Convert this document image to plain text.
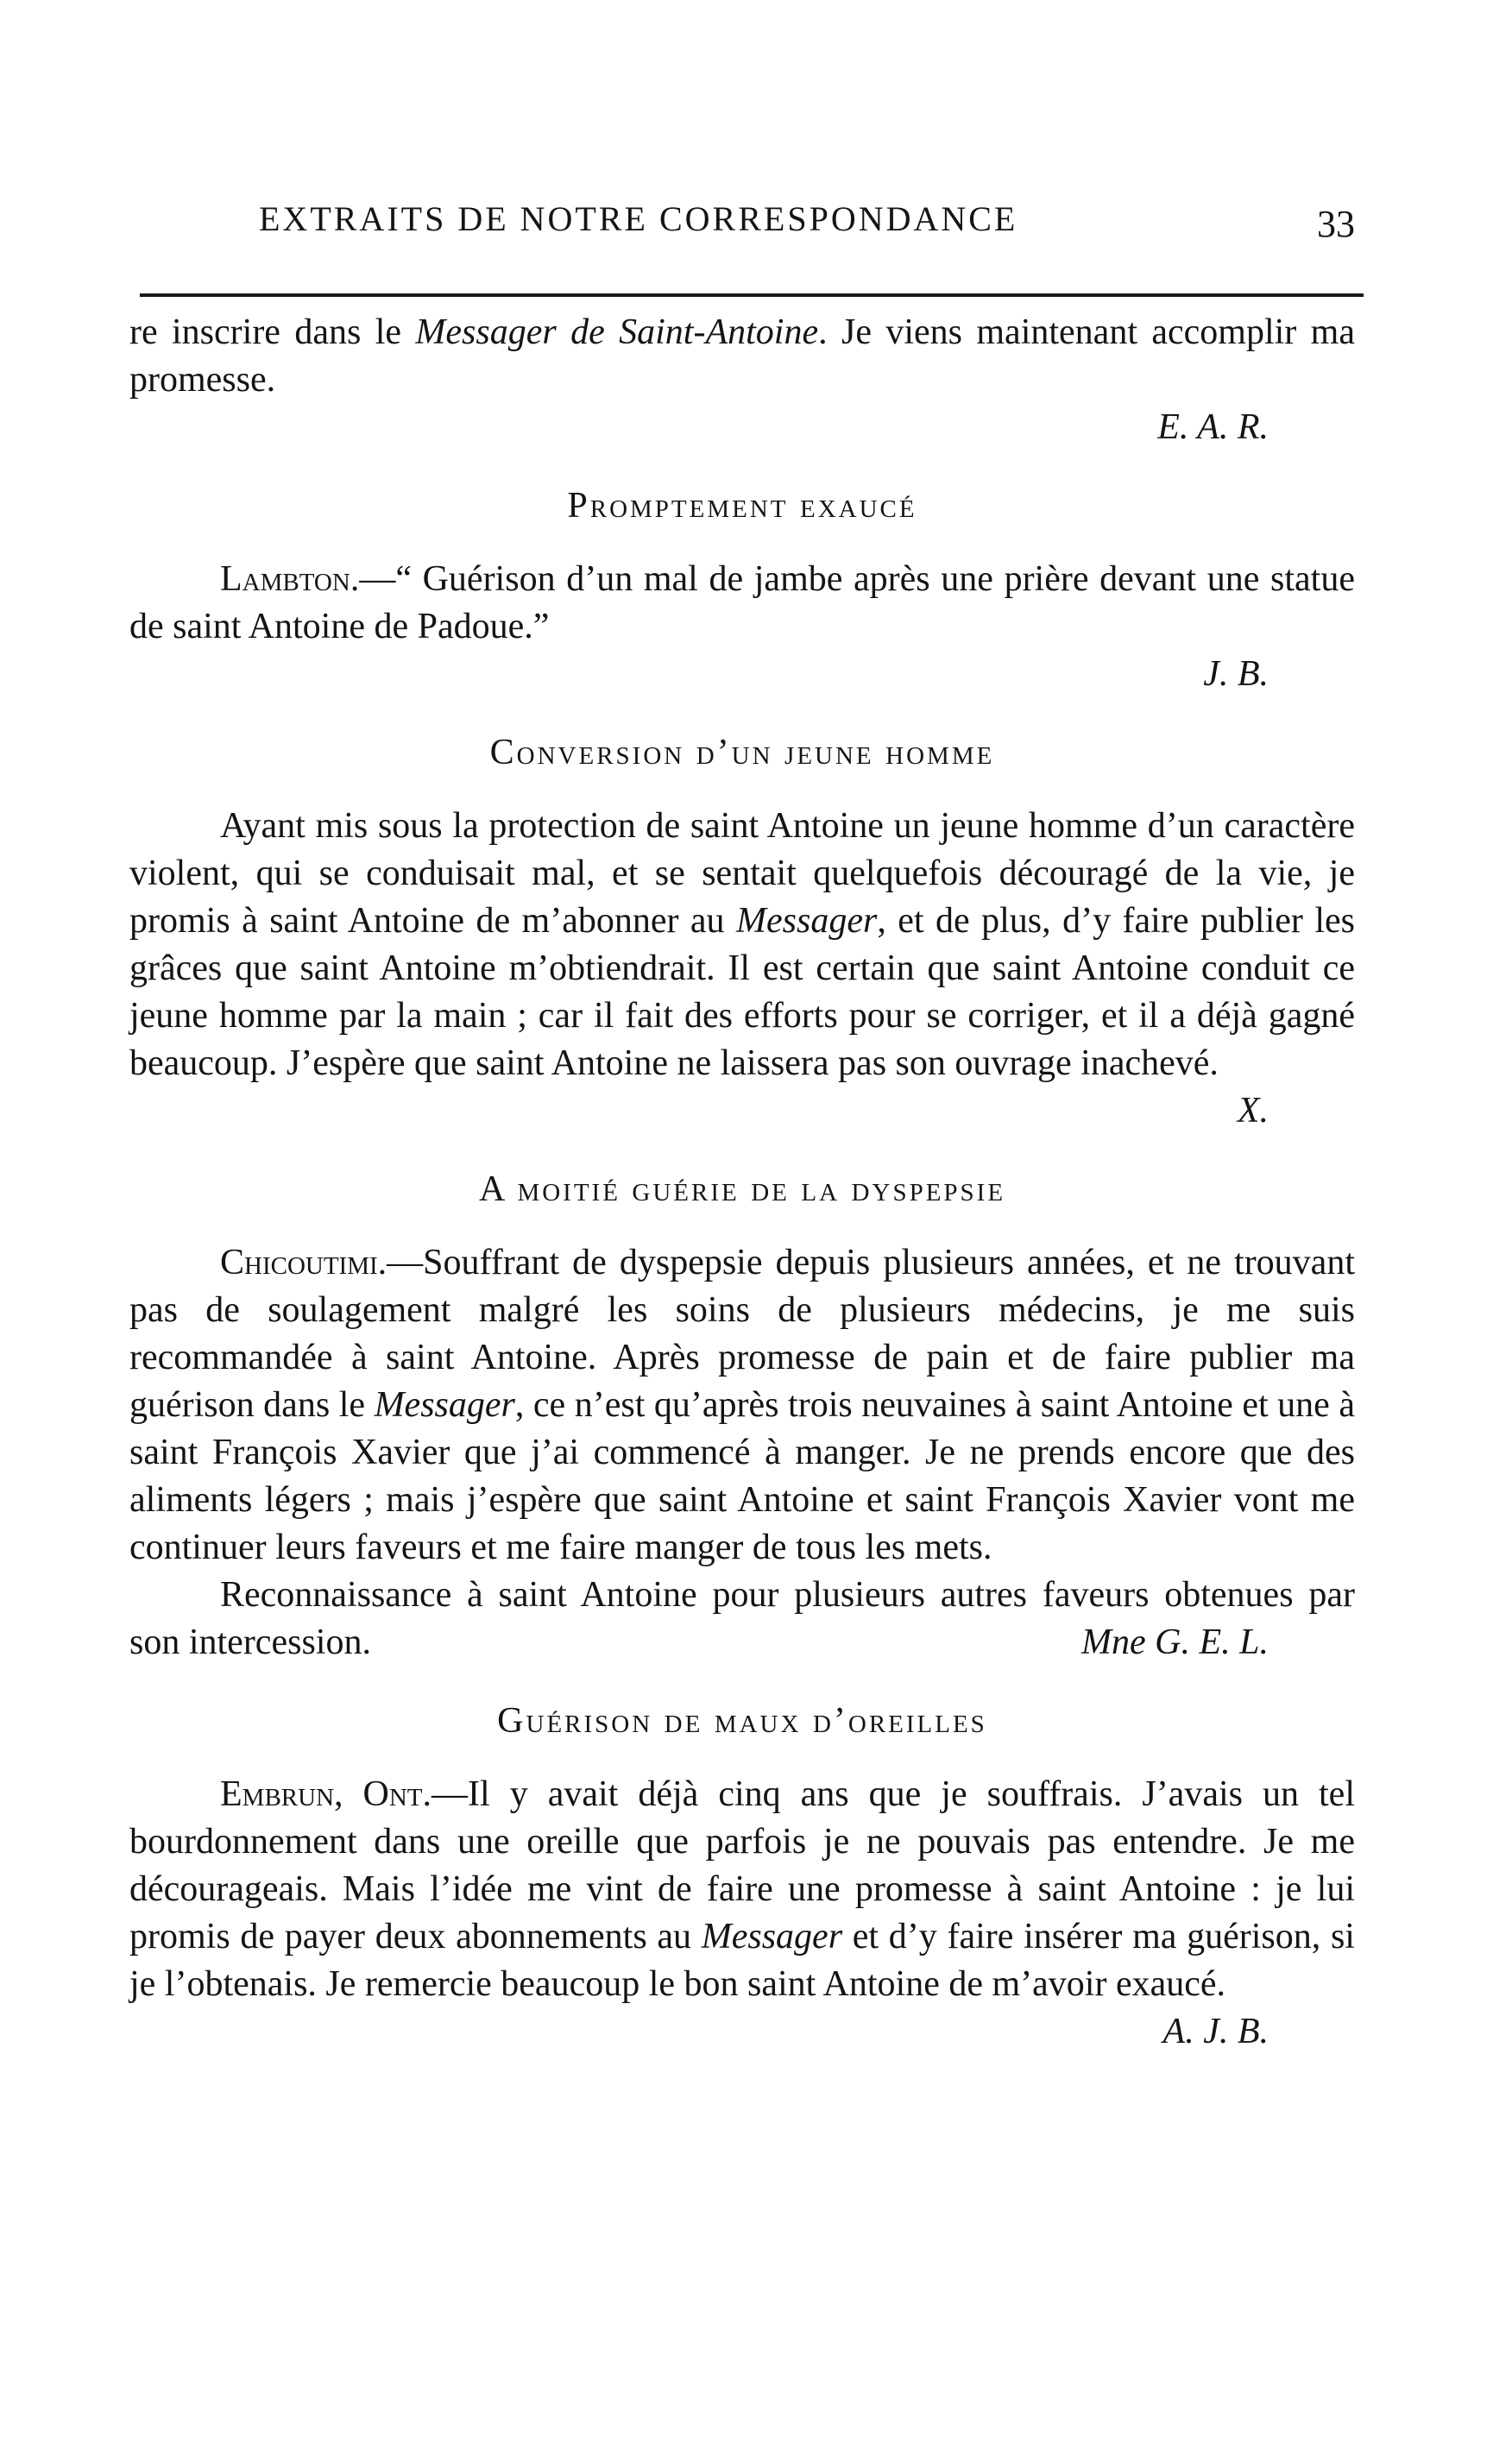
EXTRAITS DE NOTRE CORRESPONDANCE	33

re inscrire dans le Messager de Saint-Antoine. Je viens maintenant accomplir ma promesse.

E. A. R.
Promptement exaucé

Lambton.—“ Guérison d’un mal de jambe après une prière devant une statue de saint Antoine de Padoue.”

J. B.
Conversion d’un jeune homme

Ayant mis sous la protection de saint Antoine un jeune homme d’un caractère violent, qui se conduisait mal, et se sentait quelquefois découragé de la vie, je promis à saint Antoine de m’abonner au Messager, et de plus, d’y faire publier les grâces que saint Antoine m’obtiendrait. Il est certain que saint Antoine conduit ce jeune homme par la main ; car il fait des efforts pour se corriger, et il a déjà gagné beaucoup. J’espère que saint Antoine ne laissera pas son ouvrage inachevé.
X.

A moitié guérie de la dyspepsie

Chicoutimi.—Souffrant de dyspepsie depuis plusieurs années, et ne trouvant pas de soulagement malgré les soins de plusieurs médecins, je me suis recommandée à saint Antoine. Après promesse de pain et de faire publier ma guérison dans le Messager, ce n’est qu’après trois neuvaines à saint Antoine et une à saint François Xavier que j’ai commencé à manger. Je ne prends encore que des aliments légers ; mais j’espère que saint Antoine et saint François Xavier vont me continuer leurs faveurs et me faire manger de tous les mets.

Reconnaissance à saint Antoine pour plusieurs autres faveurs obtenues par son intercession.	Mne G. E. L.

Guérison de maux d’oreilles

Embrun, Ont.—Il y avait déjà cinq ans que je souffrais. J’avais un tel bourdonnement dans une oreille que parfois je ne pouvais pas entendre. Je me décourageais. Mais l’idée me vint de faire une promesse à saint Antoine : je lui promis de payer deux abonnements au Messager et d’y faire insérer ma guérison, si je l’obtenais. Je remercie beaucoup le bon saint Antoine de m’avoir exaucé.

A. J. B.
